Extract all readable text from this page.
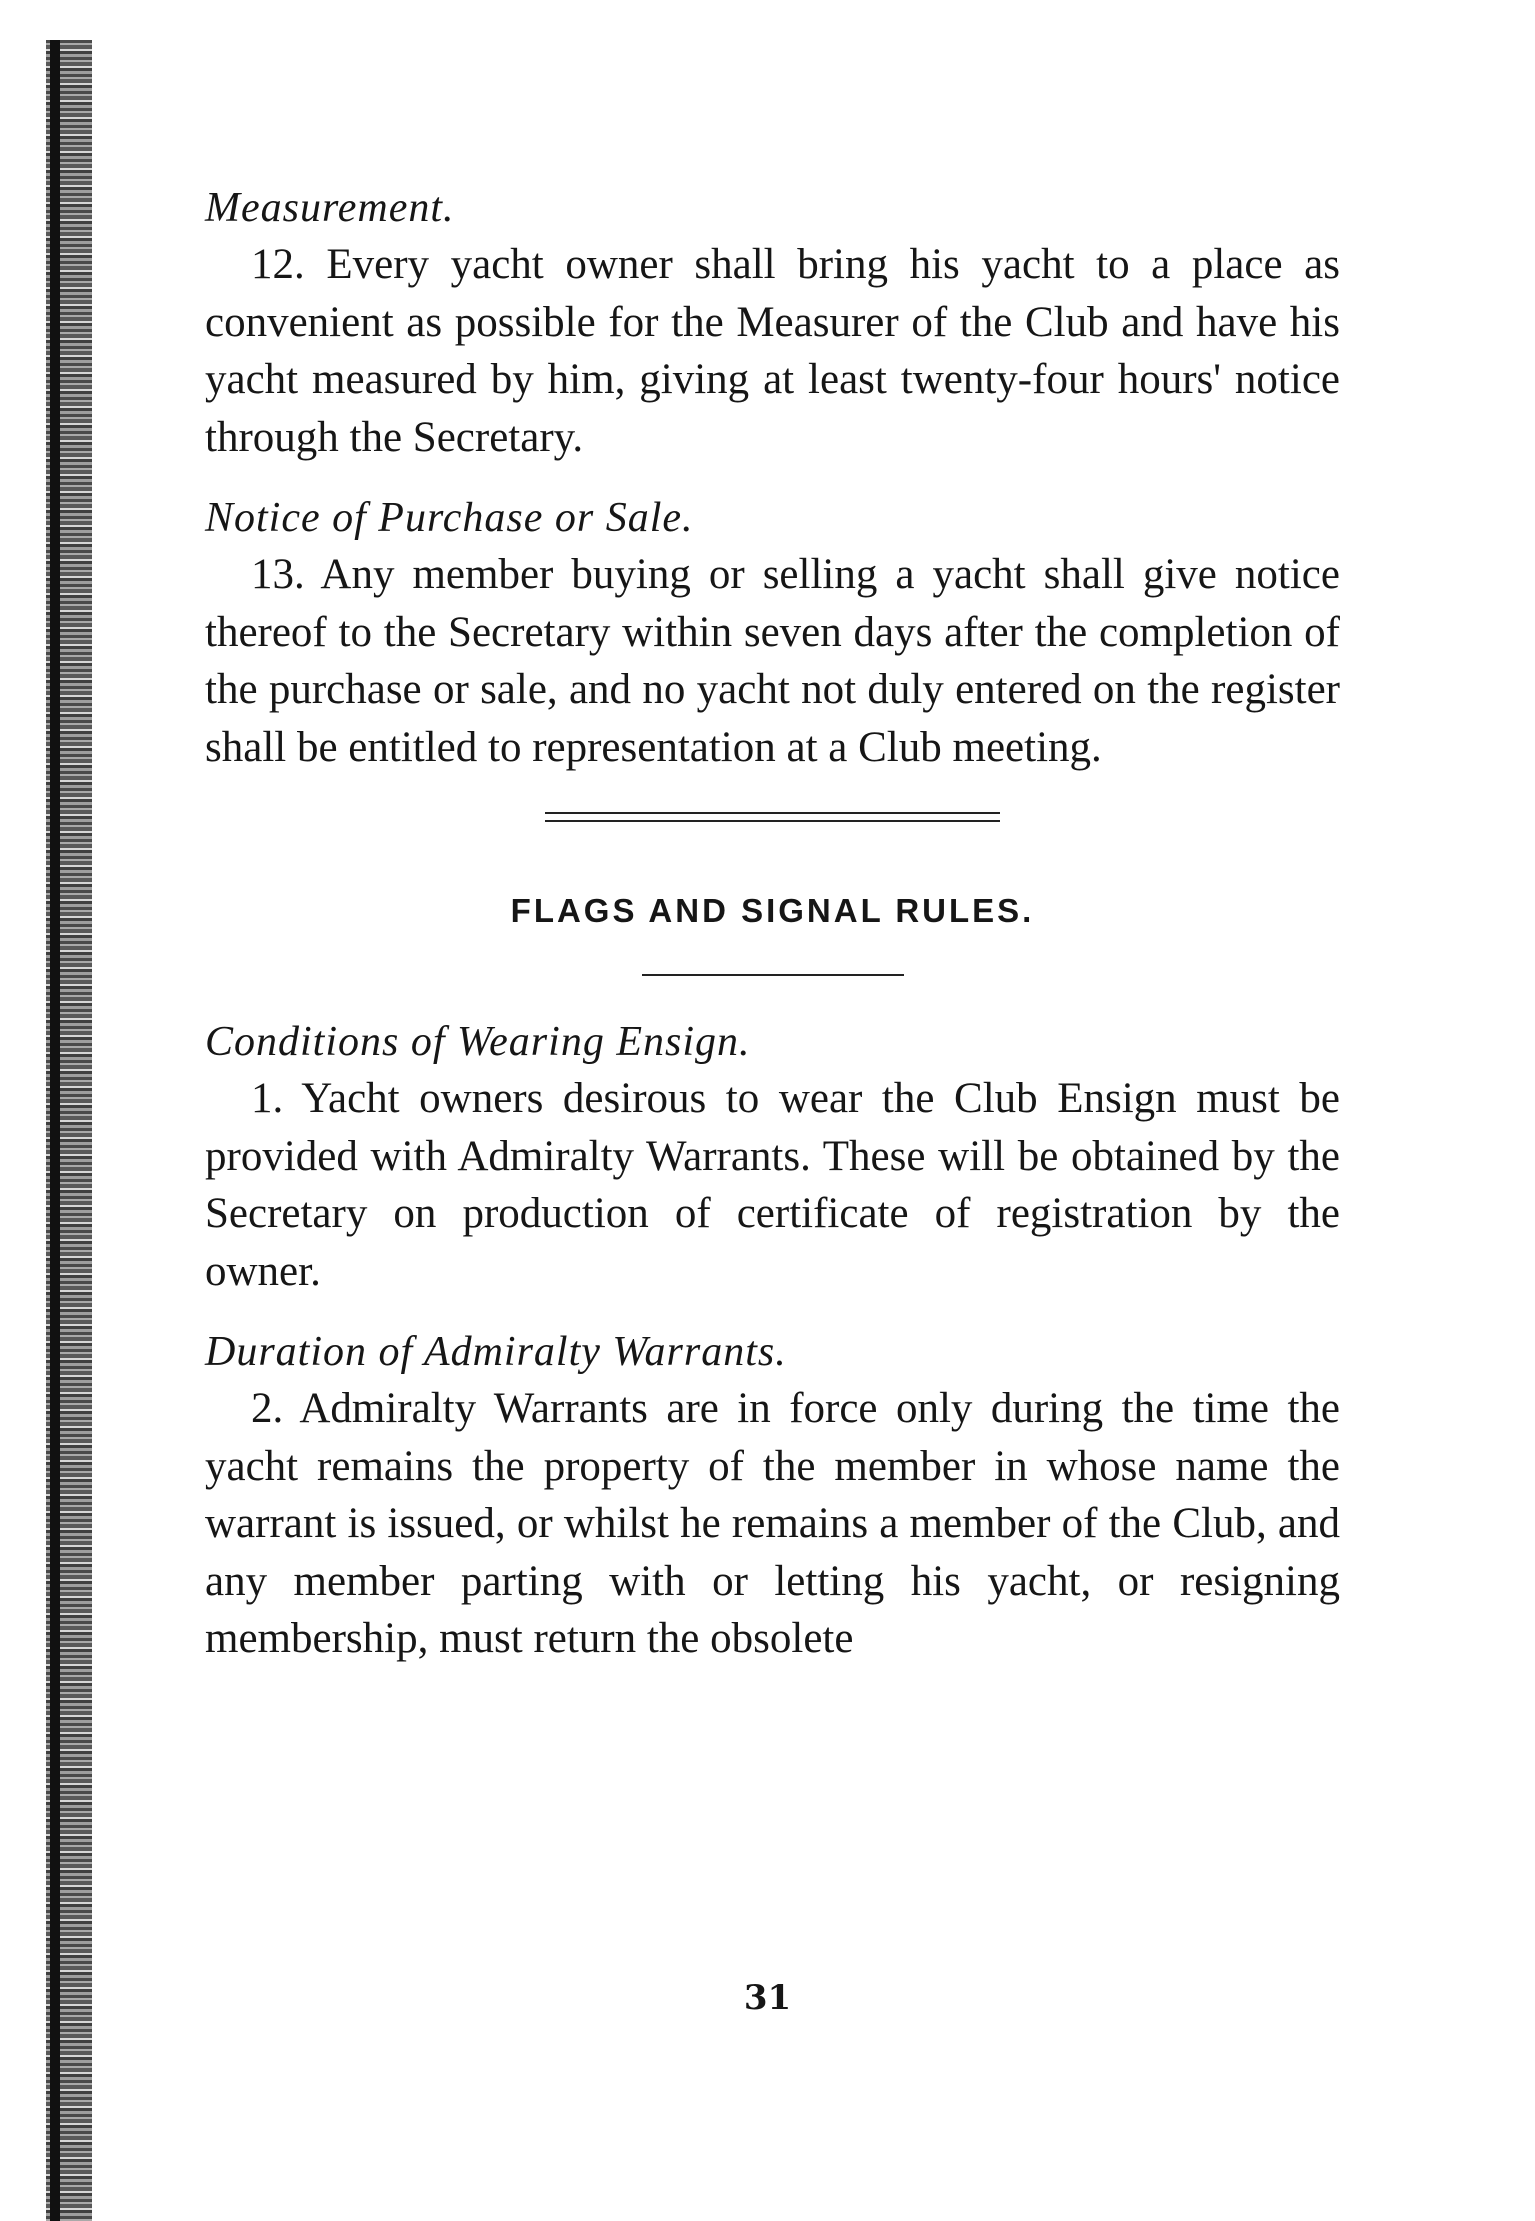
Measurement.

12. Every yacht owner shall bring his yacht to a place as convenient as possible for the Measurer of the Club and have his yacht measured by him, giving at least twenty-four hours' notice through the Secretary.

Notice of Purchase or Sale.

13. Any member buying or selling a yacht shall give notice thereof to the Secretary within seven days after the completion of the purchase or sale, and no yacht not duly entered on the register shall be entitled to representation at a Club meeting.

FLAGS AND SIGNAL RULES.

Conditions of Wearing Ensign.

1. Yacht owners desirous to wear the Club Ensign must be provided with Admiralty Warrants. These will be obtained by the Secretary on production of certificate of registration by the owner.

Duration of Admiralty Warrants.

2. Admiralty Warrants are in force only during the time the yacht remains the property of the member in whose name the warrant is issued, or whilst he remains a member of the Club, and any member parting with or letting his yacht, or resigning membership, must return the obsolete

31
